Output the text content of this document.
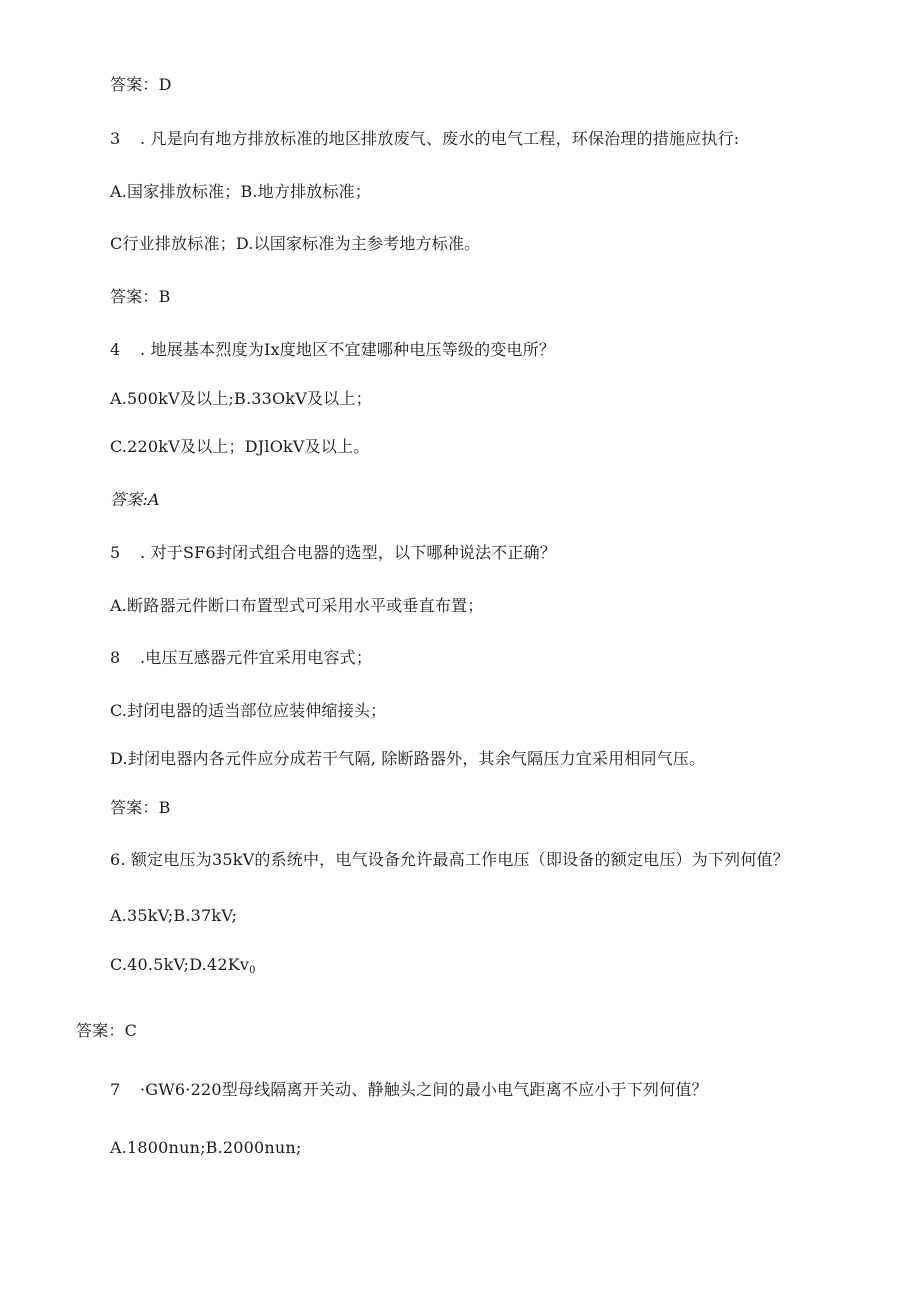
答案：D
3 . 凡是向有地方排放标准的地区排放废气、废水的电气工程，环保治理的措施应执行:
A.国家排放标准；B.地方排放标准；
C行业排放标准；D.以国家标准为主参考地方标准。
答案：B
4 . 地展基本烈度为Ix度地区不宜建哪种电压等级的变电所？
A.500kV及以上;B.33OkV及以上；
C.220kV及以上；DJlOkV及以上。
答案:A
5 . 对于SF6封闭式组合电器的选型，以下哪种说法不正确？
A.断路器元件断口布置型式可采用水平或垂直布置；
8 .电压互感器元件宜采用电容式；
C.封闭电器的适当部位应装伸缩接头；
D.封闭电器内各元件应分成若干气隔, 除断路器外，其余气隔压力宜采用相同气压。
答案：B
6. 额定电压为35kV的系统中，电气设备允许最高工作电压（即设备的额定电压）为下列何值？
A.35kV;B.37kV;
$C.40.5kV;D.42Kv_0$
答案：C
7 ·GW6·220型母线隔离开关动、静触头之间的最小电气距离不应小于下列何值？
A.1800nun;B.2000nun;
